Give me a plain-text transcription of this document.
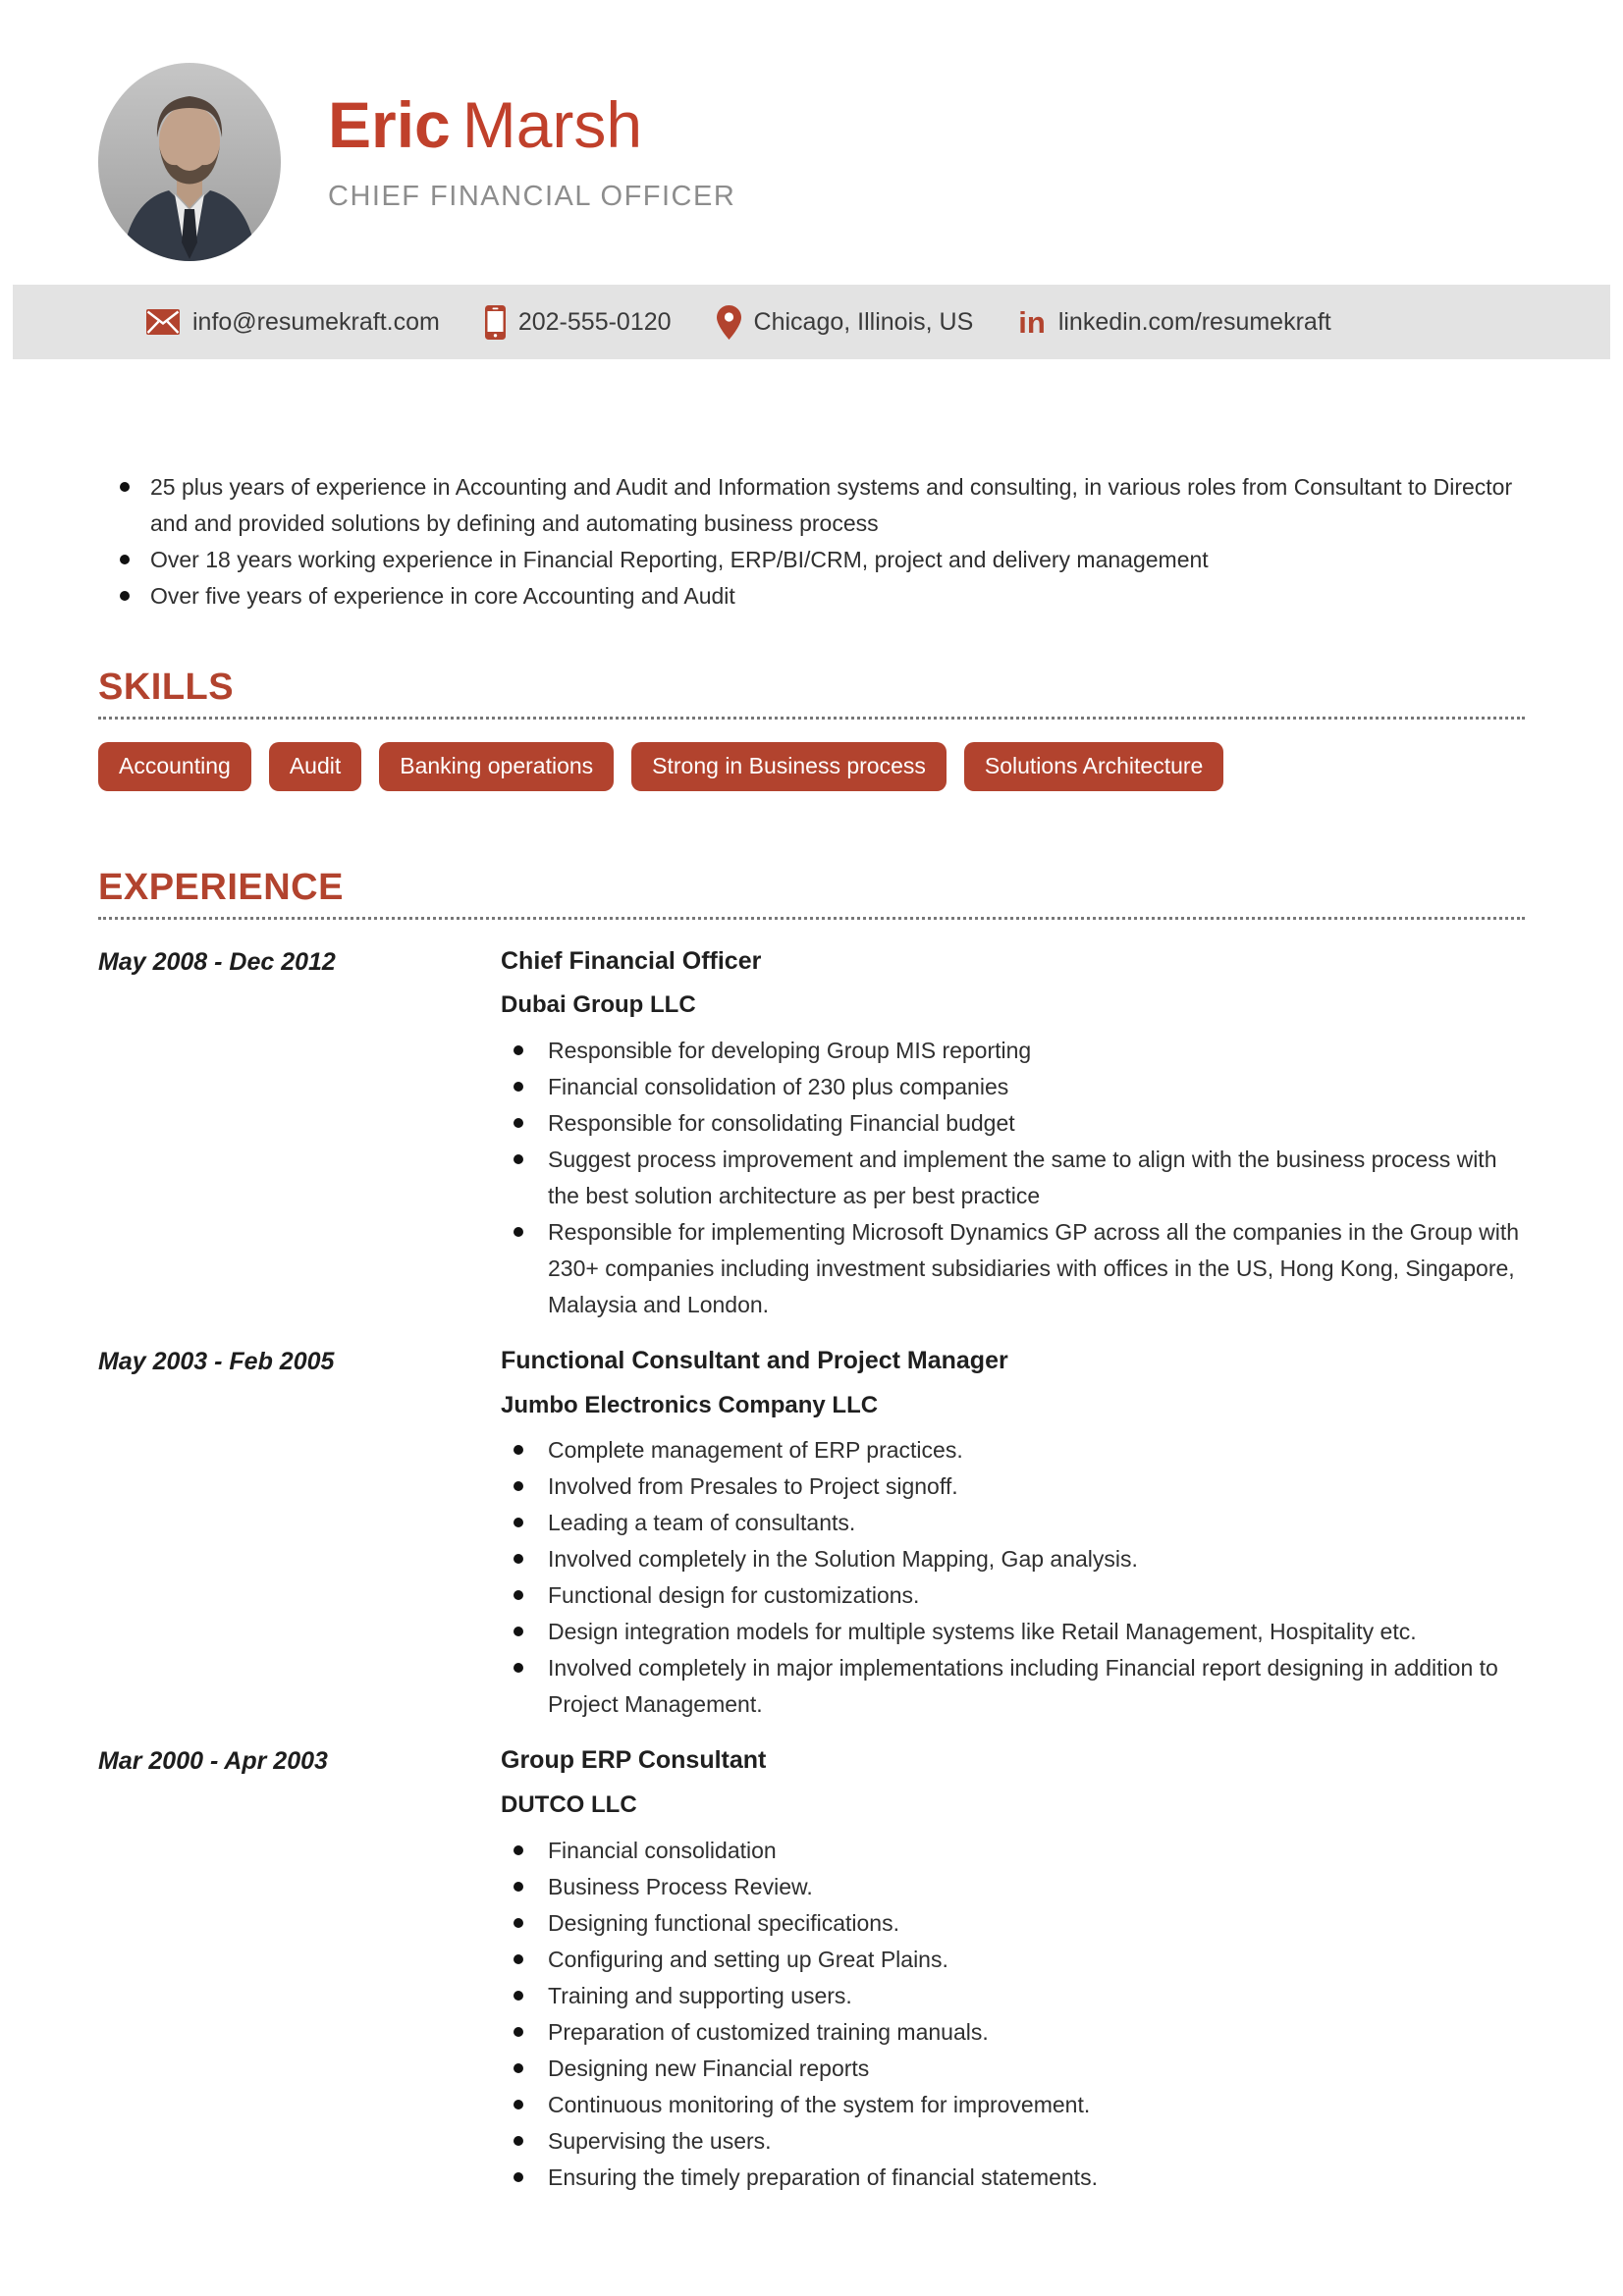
Eric Marsh
CHIEF FINANCIAL OFFICER
info@resumekraft.com	202-555-0120	Chicago, Illinois, US in linkedin.com/resumekraft
25 plus years of experience in Accounting and Audit and Information systems and consulting, in various roles from Consultant to Director and and provided solutions by defining and automating business process
Over 18 years working experience in Financial Reporting, ERP/BI/CRM, project and delivery management
Over five years of experience in core Accounting and Audit
SKILLS
Accounting	Audit	Banking operations	Strong in Business process	Solutions Architecture
EXPERIENCE
May 2008 - Dec 2012	Chief Financial Officer
Dubai Group LLC
Responsible for developing Group MIS reporting
Financial consolidation of 230 plus companies
Responsible for consolidating Financial budget
Suggest process improvement and implement the same to align with the business process with the best solution architecture as per best practice
Responsible for implementing Microsoft Dynamics GP across all the companies in the Group with 230+ companies including investment subsidiaries with offices in the US, Hong Kong, Singapore, Malaysia and London.
May 2003 - Feb 2005	Functional Consultant and Project Manager
Jumbo Electronics Company LLC
Complete management of ERP practices.
Involved from Presales to Project signoff.
Leading a team of consultants.
Involved completely in the Solution Mapping, Gap analysis.
Functional design for customizations.
Design integration models for multiple systems like Retail Management, Hospitality etc.
Involved completely in major implementations including Financial report designing in addition to Project Management.
Mar 2000 - Apr 2003	Group ERP Consultant
DUTCO LLC
Financial consolidation
Business Process Review.
Designing functional specifications.
Configuring and setting up Great Plains.
Training and supporting users.
Preparation of customized training manuals.
Designing new Financial reports
Continuous monitoring of the system for improvement.
Supervising the users.
Ensuring the timely preparation of financial statements.
